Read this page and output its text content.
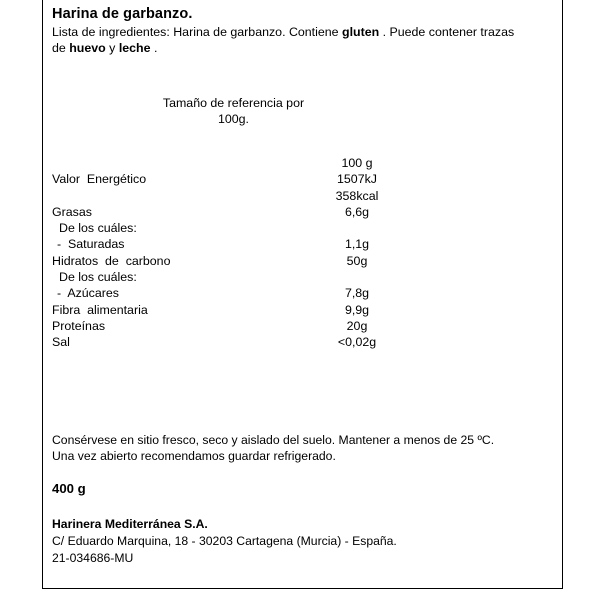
Harina de garbanzo.

Lista de ingredientes: Harina de garbanzo. Contiene gluten . Puede contener trazas de huevo y leche .

Tamaño de referencia por
100g.
	100 g	
Valor  Energético	1507kJ	
	358kcal	
Grasas	6,6g	
De los cuáles:		
-  Saturadas	1,1g	
Hidratos  de  carbono	50g	
De los cuáles:		
-  Azúcares	7,8g	
Fibra  alimentaria	9,9g	
Proteínas	20g	
Sal	<0,02g	
Consérvese en sitio fresco, seco y aislado del suelo. Mantener a menos de 25 ºC.
Una vez abierto recomendamos guardar refrigerado.
400 g
Harinera Mediterránea S.A.
C/ Eduardo Marquina, 18 - 30203 Cartagena (Murcia) - España.
21-034686-MU
